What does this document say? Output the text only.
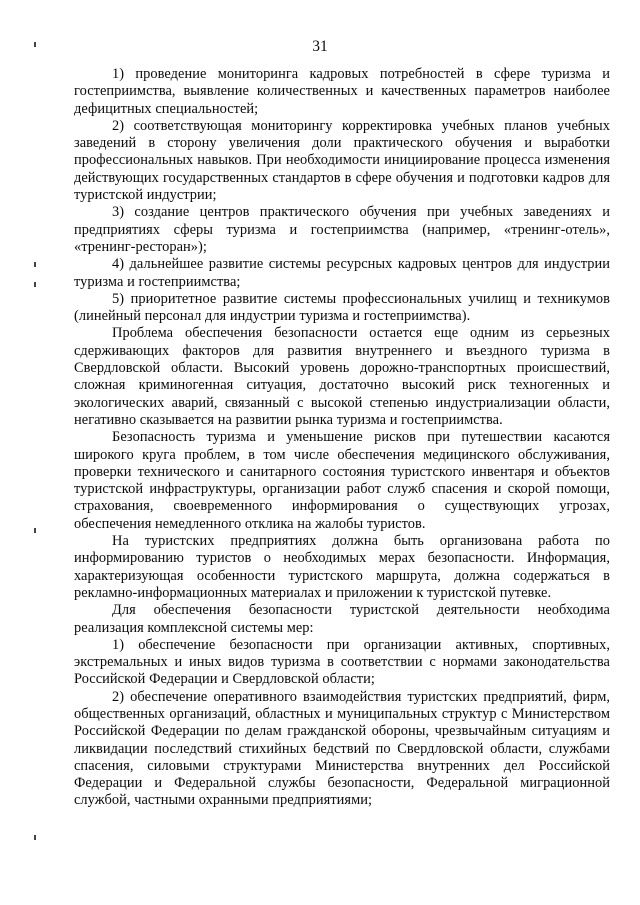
31

1) проведение мониторинга кадровых потребностей в сфере туризма и гостеприимства, выявление количественных и качественных параметров наиболее дефицитных специальностей;

2) соответствующая мониторингу корректировка учебных планов учебных заведений в сторону увеличения доли практического обучения и выработки профессиональных навыков. При необходимости инициирование процесса изменения действующих государственных стандартов в сфере обучения и подготовки кадров для туристской индустрии;

3) создание центров практического обучения при учебных заведениях и предприятиях сферы туризма и гостеприимства (например, «тренинг-отель», «тренинг-ресторан»);

4) дальнейшее развитие системы ресурсных кадровых центров для индустрии туризма и гостеприимства;

5) приоритетное развитие системы профессиональных училищ и техникумов (линейный персонал для индустрии туризма и гостеприимства).

Проблема обеспечения безопасности остается еще одним из серьезных сдерживающих факторов для развития внутреннего и въездного туризма в Свердловской области. Высокий уровень дорожно-транспортных происшествий, сложная криминогенная ситуация, достаточно высокий риск техногенных и экологических аварий, связанный с высокой степенью индустриализации области, негативно сказывается на развитии рынка туризма и гостеприимства.

Безопасность туризма и уменьшение рисков при путешествии касаются широкого круга проблем, в том числе обеспечения медицинского обслуживания, проверки технического и санитарного состояния туристского инвентаря и объектов туристской инфраструктуры, организации работ служб спасения и скорой помощи, страхования, своевременного информирования о существующих угрозах, обеспечения немедленного отклика на жалобы туристов.

На туристских предприятиях должна быть организована работа по информированию туристов о необходимых мерах безопасности. Информация, характеризующая особенности туристского маршрута, должна содержаться в рекламно-информационных материалах и приложении к туристской путевке.

Для обеспечения безопасности туристской деятельности необходима реализация комплексной системы мер:

1) обеспечение безопасности при организации активных, спортивных, экстремальных и иных видов туризма в соответствии с нормами законодательства Российской Федерации и Свердловской области;

2) обеспечение оперативного взаимодействия туристских предприятий, фирм, общественных организаций, областных и муниципальных структур с Министерством Российской Федерации по делам гражданской обороны, чрезвычайным ситуациям и ликвидации последствий стихийных бедствий по Свердловской области, службами спасения, силовыми структурами Министерства внутренних дел Российской Федерации и Федеральной службы безопасности, Федеральной миграционной службой, частными охранными предприятиями;
